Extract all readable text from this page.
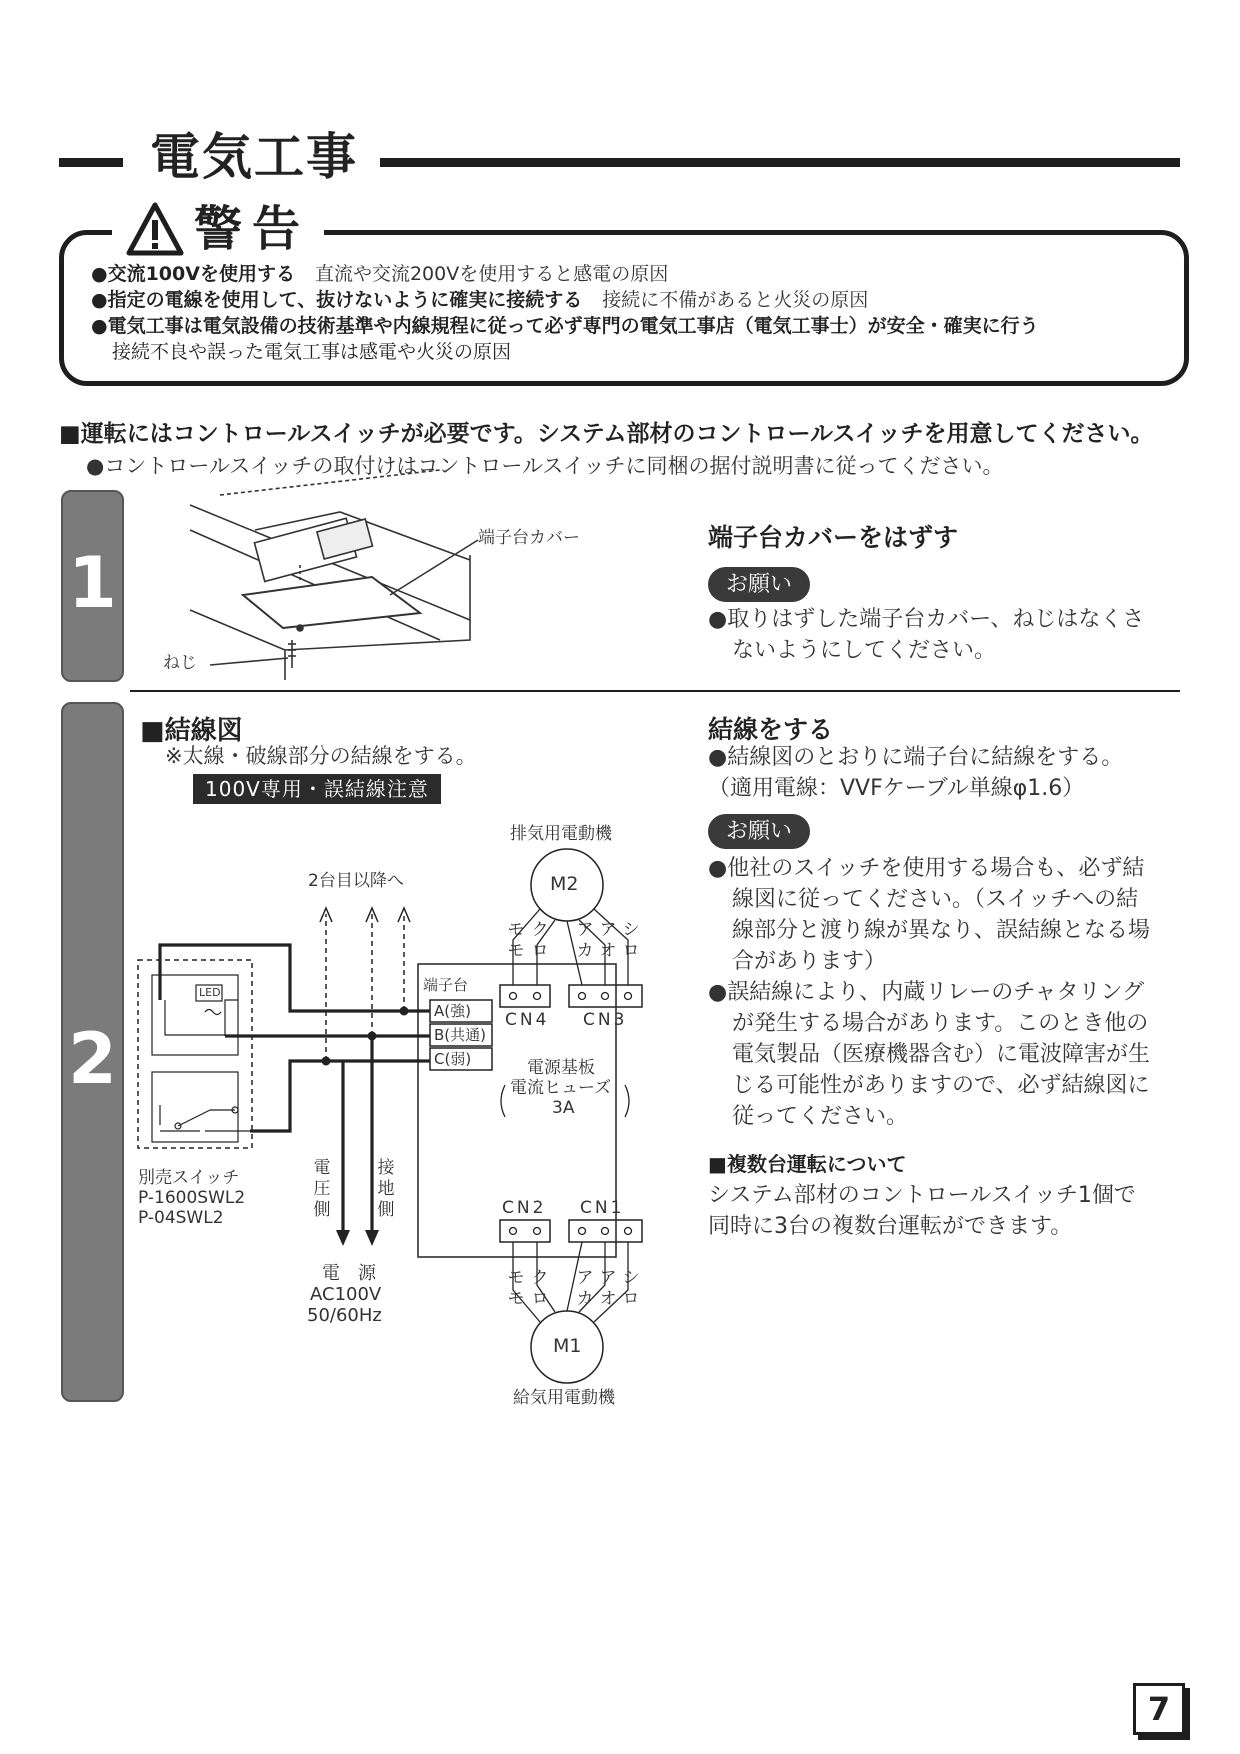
電気工事
警告
●交流100Vを使用する 直流や交流200Vを使用すると感電の原因
●指定の電線を使用して、抜けないように確実に接続する 接続に不備があると火災の原因
●電気工事は電気設備の技術基準や内線規程に従って必ず専門の電気工事店（電気工事士）が安全・確実に行う
接続不良や誤った電気工事は感電や火災の原因
■運転にはコントロールスイッチが必要です。システム部材のコントロールスイッチを用意してください。
●コントロールスイッチの取付けはコントロールスイッチに同梱の据付説明書に従ってください。
1
2
端子台カバー
ねじ
端子台カバーをはずす
お願い

●取りはずした端子台カバー、ねじはなくさ

ないようにしてください。

■結線図
※太線・破線部分の結線をする。
100V専用・誤結線注意
排気用電動機
M2
2台目以降へ
モ
モ
ク
ロ
ア
カ
ア
オ
シ
ロ
端子台
A(強)
B(共通)
C(弱)
CN4 CN3
電源基板
電流ヒューズ
3A
CN2 CN1
モ
モ
ク
ロ
ア
カ
ア
オ
シ
ロ
M1
給気用電動機
電
圧
側
接
地
側
電　源
AC100V
50/60Hz
LED
別売スイッチ
P-1600SWL2
P-04SWL2
結線をする

●結線図のとおりに端子台に結線をする。

（適用電線：VVFケーブル単線φ1.6）

お願い

●他社のスイッチを使用する場合も、必ず結

線図に従ってください。（スイッチへの結

線部分と渡り線が異なり、誤結線となる場

合があります）

●誤結線により、内蔵リレーのチャタリング

が発生する場合があります。このとき他の

電気製品（医療機器含む）に電波障害が生

じる可能性がありますので、必ず結線図に

従ってください。

■複数台運転について

システム部材のコントロールスイッチ1個で

同時に3台の複数台運転ができます。

7
